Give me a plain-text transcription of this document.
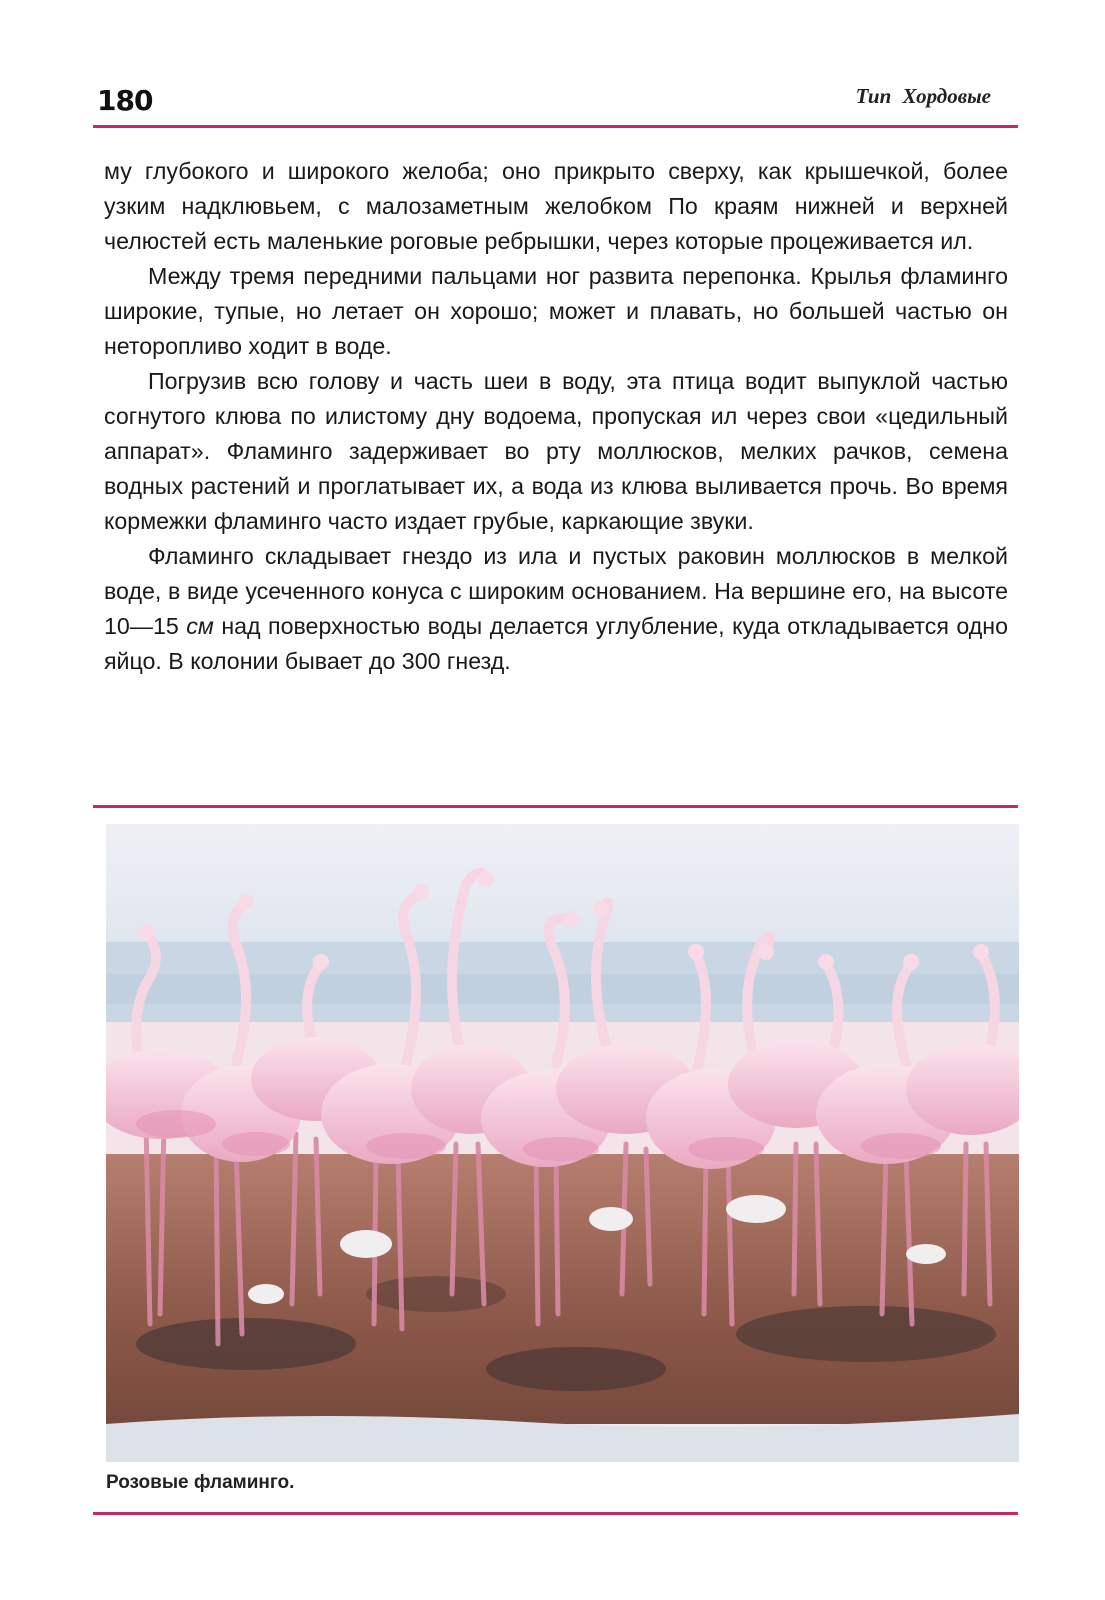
180	Тип Хордовые

му глубокого и широкого желоба; оно прикрыто сверху, как крышечкой, более узким надклювьем, с малозаметным желобком По краям нижней и верхней челюстей есть маленькие роговые ребрышки, через которые процеживается ил.

Между тремя передними пальцами ног развита перепонка. Крылья фламинго широкие, тупые, но летает он хорошо; может и плавать, но большей частью он неторопливо ходит в воде.

Погрузив всю голову и часть шеи в воду, эта птица водит выпуклой частью согнутого клюва по илистому дну водоема, пропуская ил через свои «цедильный аппарат». Фламинго задерживает во рту моллюсков, мелких рачков, семена водных растений и проглатывает их, а вода из клюва выливается прочь. Во время кормежки фламинго часто издает грубые, каркающие звуки.

Фламинго складывает гнездо из ила и пустых раковин моллюсков в мелкой воде, в виде усеченного конуса с широким основанием. На вершине его, на высоте 10—15 см над поверхностью воды делается углубление, куда откладывается одно яйцо. В колонии бывает до 300 гнезд.

Розовые фламинго.
